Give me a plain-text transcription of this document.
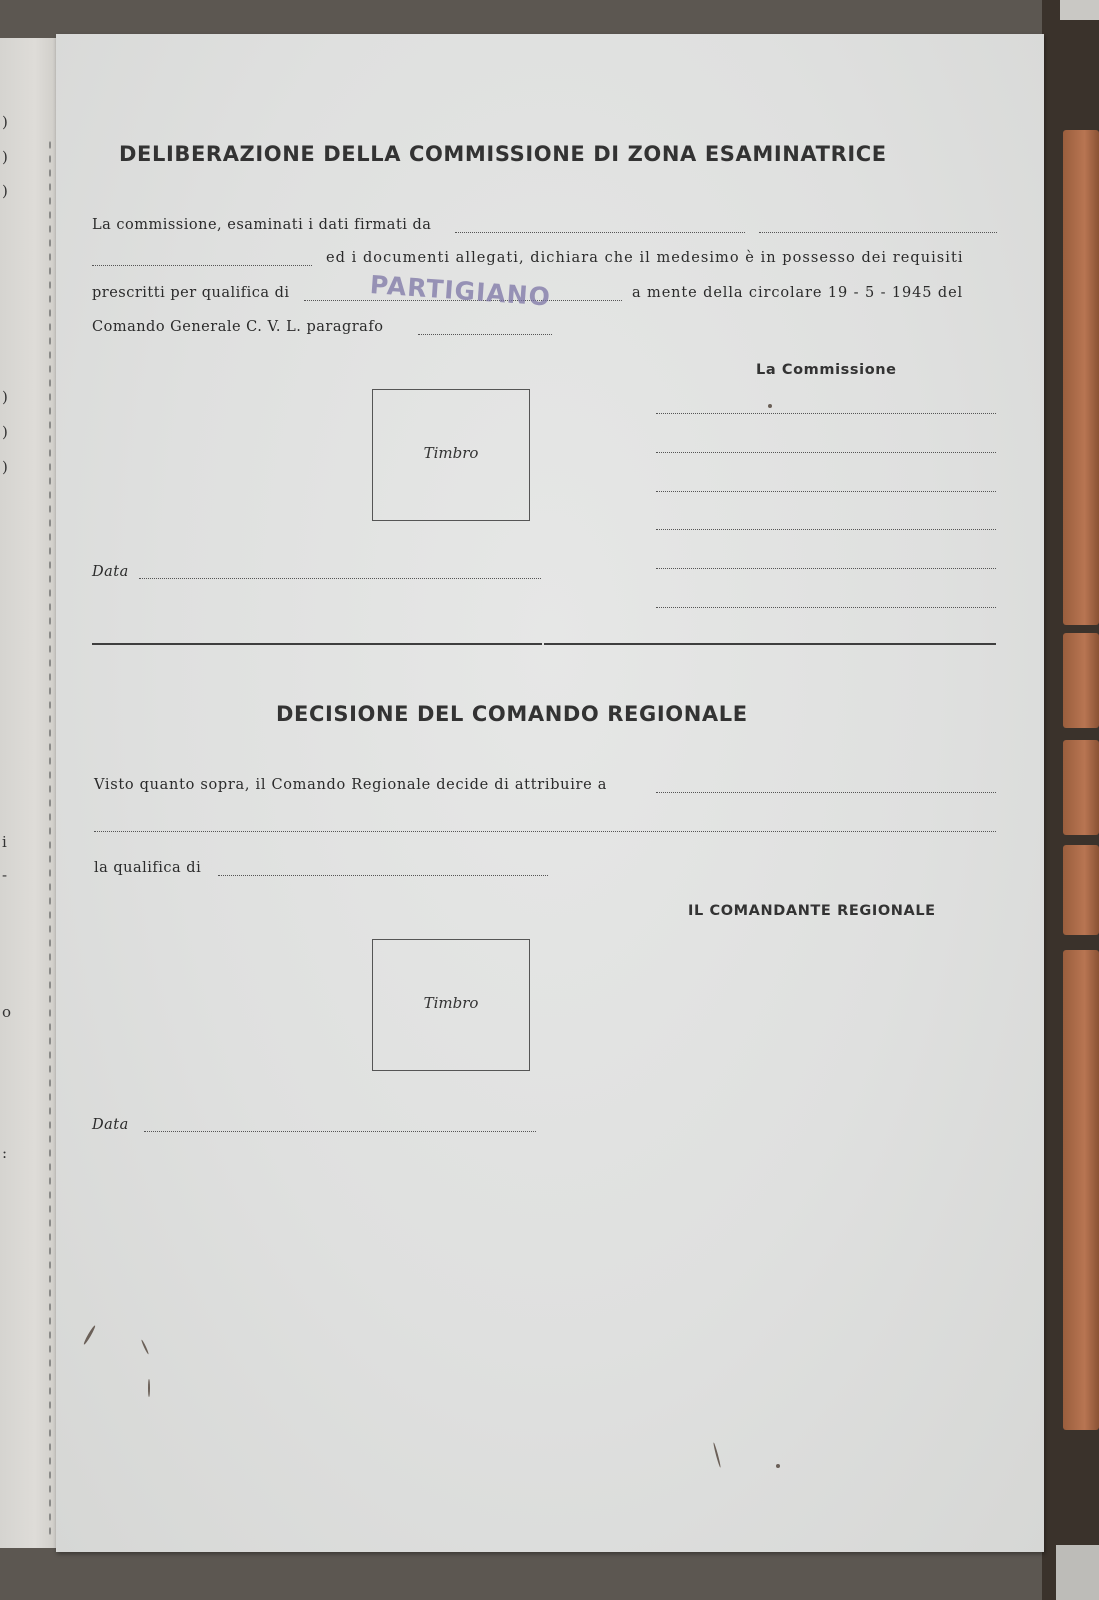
)
)
)
)
)
)
i
-
o
:
DELIBERAZIONE DELLA COMMISSIONE DI ZONA ESAMINATRICE
La commissione, esaminati i dati firmati da
ed i documenti allegati, dichiara che il medesimo è in possesso dei requisiti
prescritti per qualifica di	PARTIGIANO	a mente della circolare 19 - 5 - 1945 del
Comando Generale C. V. L. paragrafo
La Commissione
Timbro
Data
DECISIONE DEL COMANDO REGIONALE
Visto quanto sopra, il Comando Regionale decide di attribuire a
la qualifica di
IL COMANDANTE REGIONALE
Timbro
Data
